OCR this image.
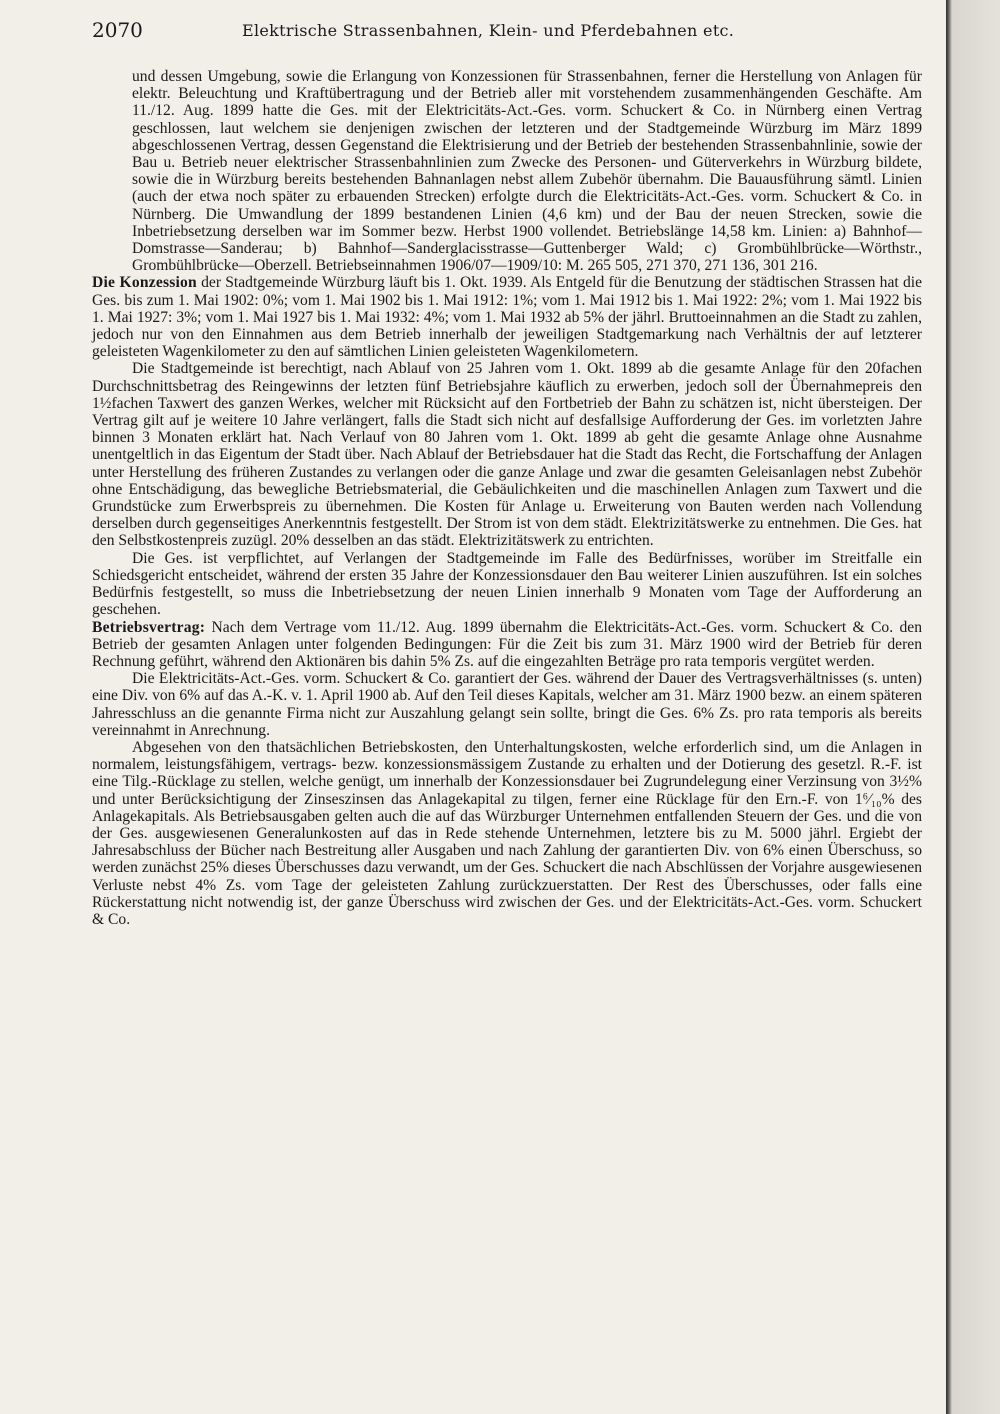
2070	Elektrische Strassenbahnen, Klein- und Pferdebahnen etc.

und dessen Umgebung, sowie die Erlangung von Konzessionen für Strassenbahnen, ferner die Herstellung von Anlagen für elektr. Beleuchtung und Kraftübertragung und der Betrieb aller mit vorstehendem zusammenhängenden Geschäfte. Am 11./12. Aug. 1899 hatte die Ges. mit der Elektricitäts-Act.-Ges. vorm. Schuckert & Co. in Nürnberg einen Vertrag geschlossen, laut welchem sie denjenigen zwischen der letzteren und der Stadtgemeinde Würzburg im März 1899 abgeschlossenen Vertrag, dessen Gegenstand die Elektrisierung und der Betrieb der bestehenden Strassenbahnlinie, sowie der Bau u. Betrieb neuer elektrischer Strassenbahnlinien zum Zwecke des Personen- und Güterverkehrs in Würzburg bildete, sowie die in Würzburg bereits bestehenden Bahnanlagen nebst allem Zubehör übernahm. Die Bauausführung sämtl. Linien (auch der etwa noch später zu erbauenden Strecken) erfolgte durch die Elektricitäts-Act.-Ges. vorm. Schuckert & Co. in Nürnberg. Die Umwandlung der 1899 bestandenen Linien (4,6 km) und der Bau der neuen Strecken, sowie die Inbetriebsetzung derselben war im Sommer bezw. Herbst 1900 vollendet. Betriebslänge 14,58 km. Linien: a) Bahnhof—Domstrasse—Sanderau; b) Bahnhof—Sanderglacisstrasse—Guttenberger Wald; c) Grombühlbrücke—Wörthstr., Grombühlbrücke—Oberzell. Betriebseinnahmen 1906/07—1909/10: M. 265 505, 271 370, 271 136, 301 216.

Die Konzession der Stadtgemeinde Würzburg läuft bis 1. Okt. 1939. Als Entgeld für die Benutzung der städtischen Strassen hat die Ges. bis zum 1. Mai 1902: 0%; vom 1. Mai 1902 bis 1. Mai 1912: 1%; vom 1. Mai 1912 bis 1. Mai 1922: 2%; vom 1. Mai 1922 bis 1. Mai 1927: 3%; vom 1. Mai 1927 bis 1. Mai 1932: 4%; vom 1. Mai 1932 ab 5% der jährl. Bruttoeinnahmen an die Stadt zu zahlen, jedoch nur von den Einnahmen aus dem Betrieb innerhalb der jeweiligen Stadtgemarkung nach Verhältnis der auf letzterer geleisteten Wagenkilometer zu den auf sämtlichen Linien geleisteten Wagenkilometern.

Die Stadtgemeinde ist berechtigt, nach Ablauf von 25 Jahren vom 1. Okt. 1899 ab die gesamte Anlage für den 20fachen Durchschnittsbetrag des Reingewinns der letzten fünf Betriebsjahre käuflich zu erwerben, jedoch soll der Übernahmepreis den 1½fachen Taxwert des ganzen Werkes, welcher mit Rücksicht auf den Fortbetrieb der Bahn zu schätzen ist, nicht übersteigen. Der Vertrag gilt auf je weitere 10 Jahre verlängert, falls die Stadt sich nicht auf desfallsige Aufforderung der Ges. im vorletzten Jahre binnen 3 Monaten erklärt hat. Nach Verlauf von 80 Jahren vom 1. Okt. 1899 ab geht die gesamte Anlage ohne Ausnahme unentgeltlich in das Eigentum der Stadt über. Nach Ablauf der Betriebsdauer hat die Stadt das Recht, die Fortschaffung der Anlagen unter Herstellung des früheren Zustandes zu verlangen oder die ganze Anlage und zwar die gesamten Geleisanlagen nebst Zubehör ohne Entschädigung, das bewegliche Betriebsmaterial, die Gebäulichkeiten und die maschinellen Anlagen zum Taxwert und die Grundstücke zum Erwerbspreis zu übernehmen. Die Kosten für Anlage u. Erweiterung von Bauten werden nach Vollendung derselben durch gegenseitiges Anerkenntnis festgestellt. Der Strom ist von dem städt. Elektrizitätswerke zu entnehmen. Die Ges. hat den Selbstkostenpreis zuzügl. 20% desselben an das städt. Elektrizitätswerk zu entrichten.

Die Ges. ist verpflichtet, auf Verlangen der Stadtgemeinde im Falle des Bedürfnisses, worüber im Streitfalle ein Schiedsgericht entscheidet, während der ersten 35 Jahre der Konzessionsdauer den Bau weiterer Linien auszuführen. Ist ein solches Bedürfnis festgestellt, so muss die Inbetriebsetzung der neuen Linien innerhalb 9 Monaten vom Tage der Aufforderung an geschehen.

Betriebsvertrag: Nach dem Vertrage vom 11./12. Aug. 1899 übernahm die Elektricitäts-Act.-Ges. vorm. Schuckert & Co. den Betrieb der gesamten Anlagen unter folgenden Bedingungen: Für die Zeit bis zum 31. März 1900 wird der Betrieb für deren Rechnung geführt, während den Aktionären bis dahin 5% Zs. auf die eingezahlten Beträge pro rata temporis vergütet werden.

Die Elektricitäts-Act.-Ges. vorm. Schuckert & Co. garantiert der Ges. während der Dauer des Vertragsverhältnisses (s. unten) eine Div. von 6% auf das A.-K. v. 1. April 1900 ab. Auf den Teil dieses Kapitals, welcher am 31. März 1900 bezw. an einem späteren Jahresschluss an die genannte Firma nicht zur Auszahlung gelangt sein sollte, bringt die Ges. 6% Zs. pro rata temporis als bereits vereinnahmt in Anrechnung.

Abgesehen von den thatsächlichen Betriebskosten, den Unterhaltungskosten, welche erforderlich sind, um die Anlagen in normalem, leistungsfähigem, vertrags- bezw. konzessionsmässigem Zustande zu erhalten und der Dotierung des gesetzl. R.-F. ist eine Tilg.-Rücklage zu stellen, welche genügt, um innerhalb der Konzessionsdauer bei Zugrundelegung einer Verzinsung von 3½% und unter Berücksichtigung der Zinseszinsen das Anlagekapital zu tilgen, ferner eine Rücklage für den Ern.-F. von 1⁶⁄₁₀% des Anlagekapitals. Als Betriebsausgaben gelten auch die auf das Würzburger Unternehmen entfallenden Steuern der Ges. und die von der Ges. ausgewiesenen Generalunkosten auf das in Rede stehende Unternehmen, letztere bis zu M. 5000 jährl. Ergiebt der Jahresabschluss der Bücher nach Bestreitung aller Ausgaben und nach Zahlung der garantierten Div. von 6% einen Überschuss, so werden zunächst 25% dieses Überschusses dazu verwandt, um der Ges. Schuckert die nach Abschlüssen der Vorjahre ausgewiesenen Verluste nebst 4% Zs. vom Tage der geleisteten Zahlung zurückzuerstatten. Der Rest des Überschusses, oder falls eine Rückerstattung nicht notwendig ist, der ganze Überschuss wird zwischen der Ges. und der Elektricitäts-Act.-Ges. vorm. Schuckert & Co.
